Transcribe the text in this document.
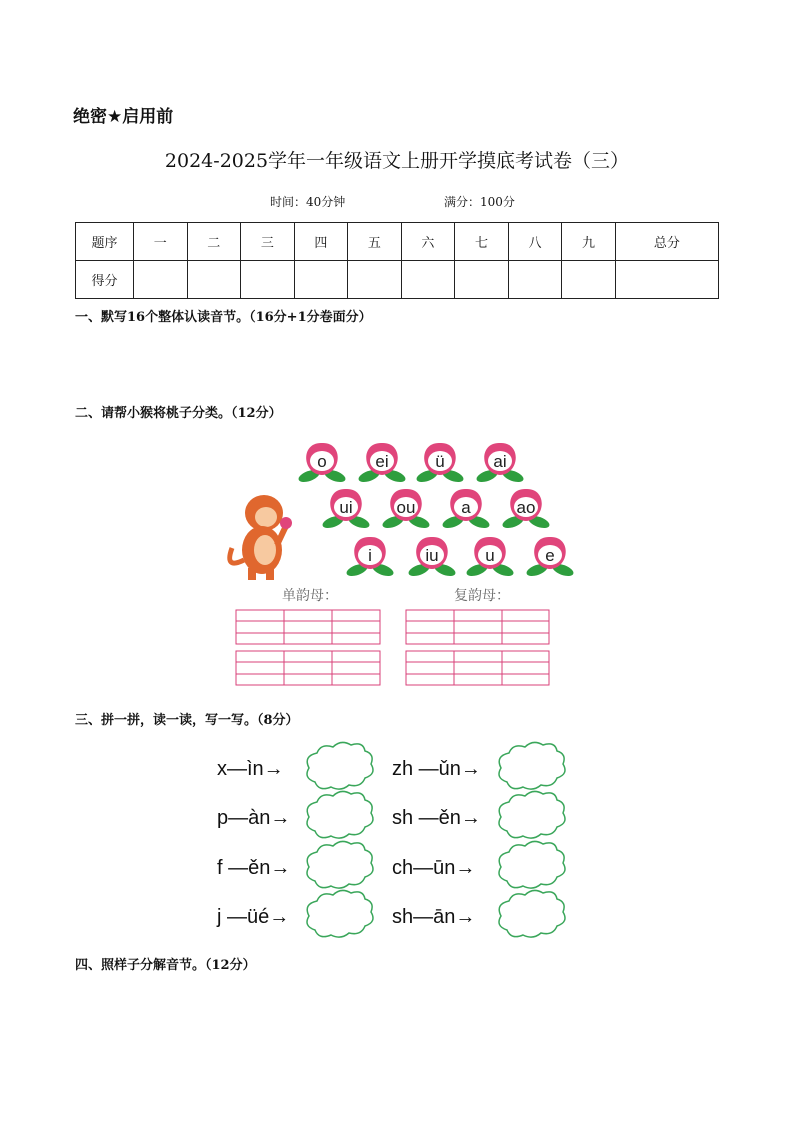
绝密★启用前
2024-2025学年一年级语文上册开学摸底考试卷（三）
时间：40分钟	满分：100分
题序	一	二	三	四	五	六	七	八	九	总分
得分										
一、默写16个整体认读音节。（16分+1分卷面分）
二、请帮小猴将桃子分类。（12分）
单韵母：	复韵母：
o	ei	ü	ai
ui	ou	a	ao
i	iu	u	e
三、拼一拼，读一读，写一写。（8分）
x—ìn→
p—àn→
f —ěn→
j —üé→
zh —ǔn→
sh —ěn→
ch—ūn→
sh—ān→
四、照样子分解音节。（12分）
